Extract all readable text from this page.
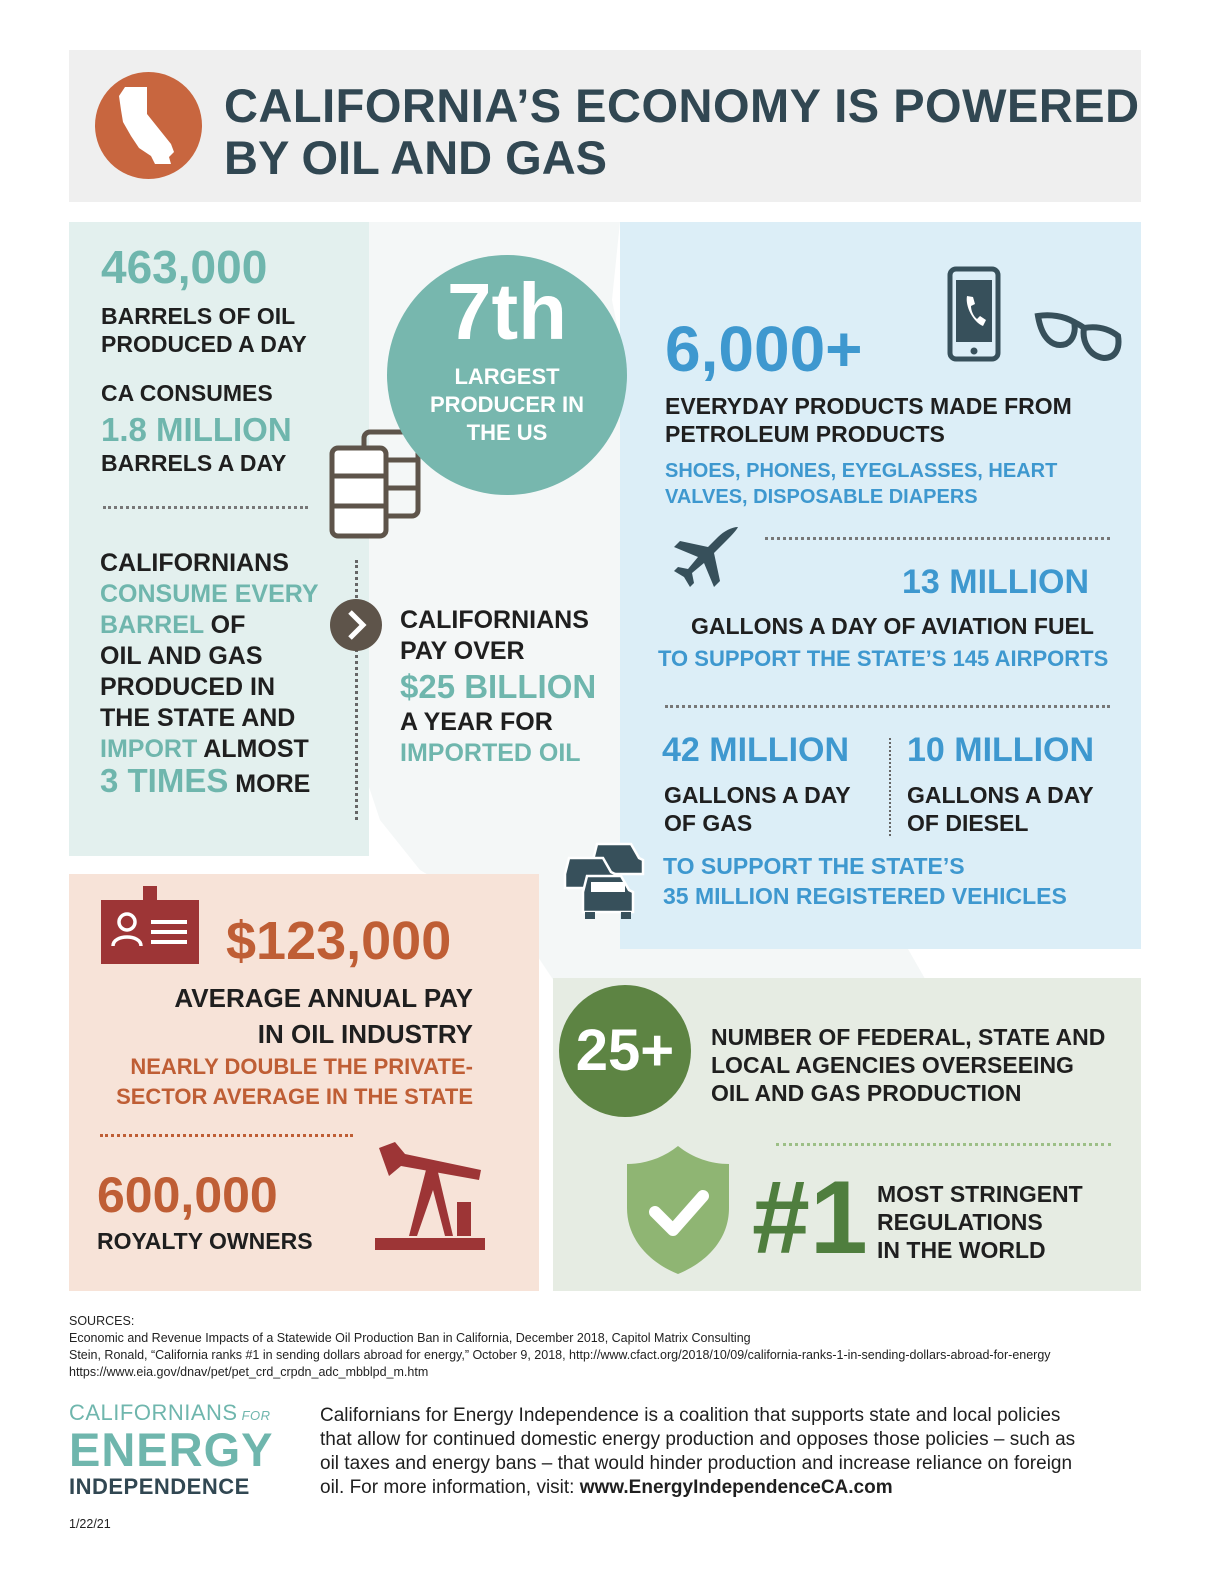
CALIFORNIA’S ECONOMY IS POWERED
BY OIL AND GAS
463,000
BARRELS OF OIL
PRODUCED A DAY
CA CONSUMES
1.8 MILLION
BARRELS A DAY
CALIFORNIANS
CONSUME EVERY
BARREL OF
OIL AND GAS
PRODUCED IN
THE STATE AND
IMPORT ALMOST
3 TIMES MORE
7th
LARGEST
PRODUCER IN
THE US
CALIFORNIANS
PAY OVER
$25 BILLION
A YEAR FOR
IMPORTED OIL
6,000+
EVERYDAY PRODUCTS MADE FROM
PETROLEUM PRODUCTS
SHOES, PHONES, EYEGLASSES, HEART
VALVES, DISPOSABLE DIAPERS
13 MILLION
GALLONS A DAY OF AVIATION FUEL
TO SUPPORT THE STATE’S 145 AIRPORTS
42 MILLION
GALLONS A DAY
OF GAS
10 MILLION
GALLONS A DAY
OF DIESEL
TO SUPPORT THE STATE’S
35 MILLION REGISTERED VEHICLES
$123,000
AVERAGE ANNUAL PAY
IN OIL INDUSTRY
NEARLY DOUBLE THE PRIVATE-
SECTOR AVERAGE IN THE STATE
600,000
ROYALTY OWNERS
25+	NUMBER OF FEDERAL, STATE AND
LOCAL AGENCIES OVERSEEING
OIL AND GAS PRODUCTION
#1 MOST STRINGENT
REGULATIONS
IN THE WORLD
SOURCES:
Economic and Revenue Impacts of a Statewide Oil Production Ban in California, December 2018, Capitol Matrix Consulting
Stein, Ronald, “California ranks #1 in sending dollars abroad for energy,” October 9, 2018, http://www.cfact.org/2018/10/09/california-ranks-1-in-sending-dollars-abroad-for-energy
https://www.eia.gov/dnav/pet/pet_crd_crpdn_adc_mbblpd_m.htm
CALIFORNIANS FOR
ENERGY
INDEPENDENCE
Californians for Energy Independence is a coalition that supports state and local policies
that allow for continued domestic energy production and opposes those policies – such as
oil taxes and energy bans – that would hinder production and increase reliance on foreign
oil. For more information, visit: www.EnergyIndependenceCA.com
1/22/21
